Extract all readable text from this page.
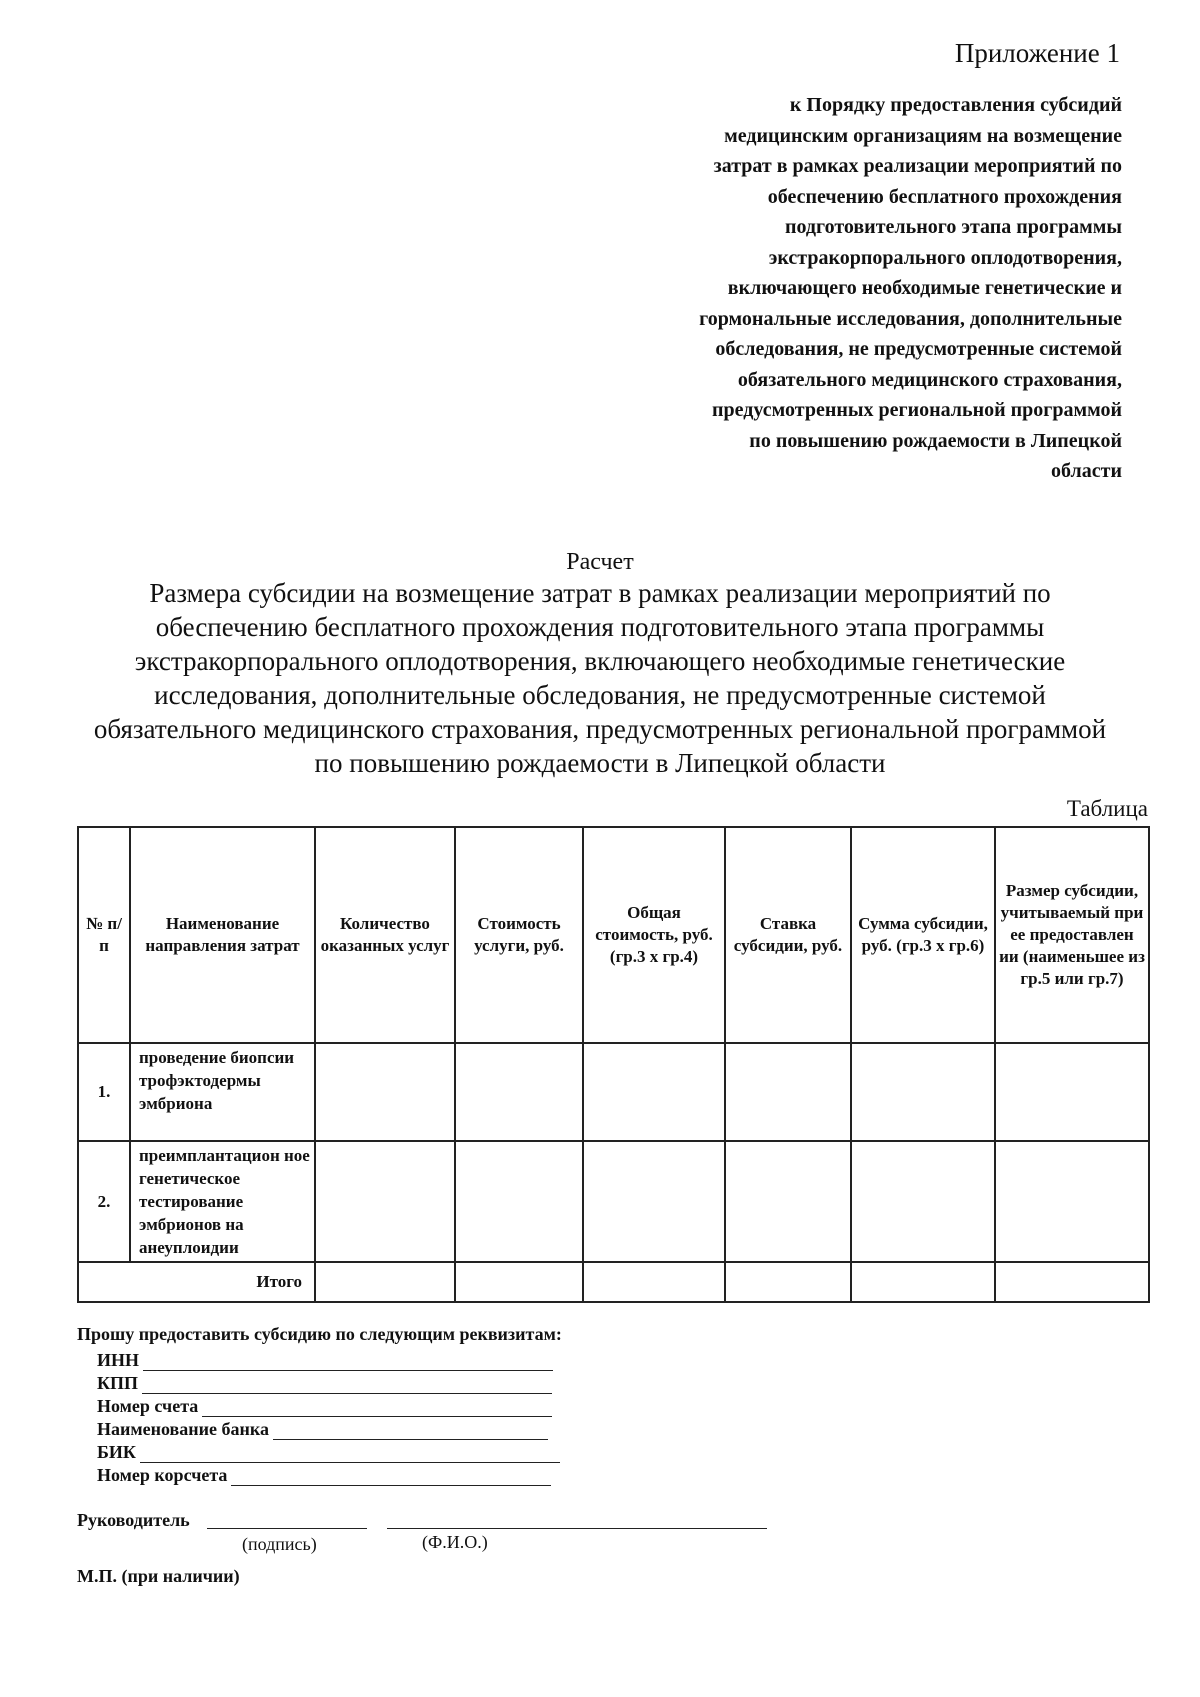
Приложение 1
к Порядку предоставления субсидий
медицинским организациям на возмещение
затрат в рамках реализации мероприятий по
обеспечению бесплатного прохождения
подготовительного этапа программы
экстракорпорального оплодотворения,
включающего необходимые генетические и
гормональные исследования, дополнительные
обследования, не предусмотренные системой
обязательного медицинского страхования,
предусмотренных региональной программой
по повышению рождаемости в Липецкой
области
Расчет
Размера субсидии на возмещение затрат в рамках реализации мероприятий по
обеспечению бесплатного прохождения подготовительного этапа программы
экстракорпорального оплодотворения, включающего необходимые генетические
исследования, дополнительные обследования, не предусмотренные системой
обязательного медицинского страхования, предусмотренных региональной программой
по повышению рождаемости в Липецкой области
Таблица
№ п/п	Наименование направления затрат	Количество оказанных услуг	Стоимость услуги, руб.	Общая стоимость, руб. (гр.3 х гр.4)	Ставка субсидии, руб.	Сумма субсидии, руб. (гр.3 х гр.6)	Размер субсидии, учитываемый при ее предоставлен ии (наименьшее из гр.5 или гр.7)
1.	проведение биопсии трофэктодермы эмбриона						
2.	преимплантацион ное генетическое тестирование эмбрионов на анеуплоидии						
Итого							
Прошу предоставить субсидию по следующим реквизитам:
ИНН
КПП
Номер счета
Наименование банка
БИК
Номер корсчета
Руководитель
(подпись)	(Ф.И.О.)
М.П. (при наличии)
